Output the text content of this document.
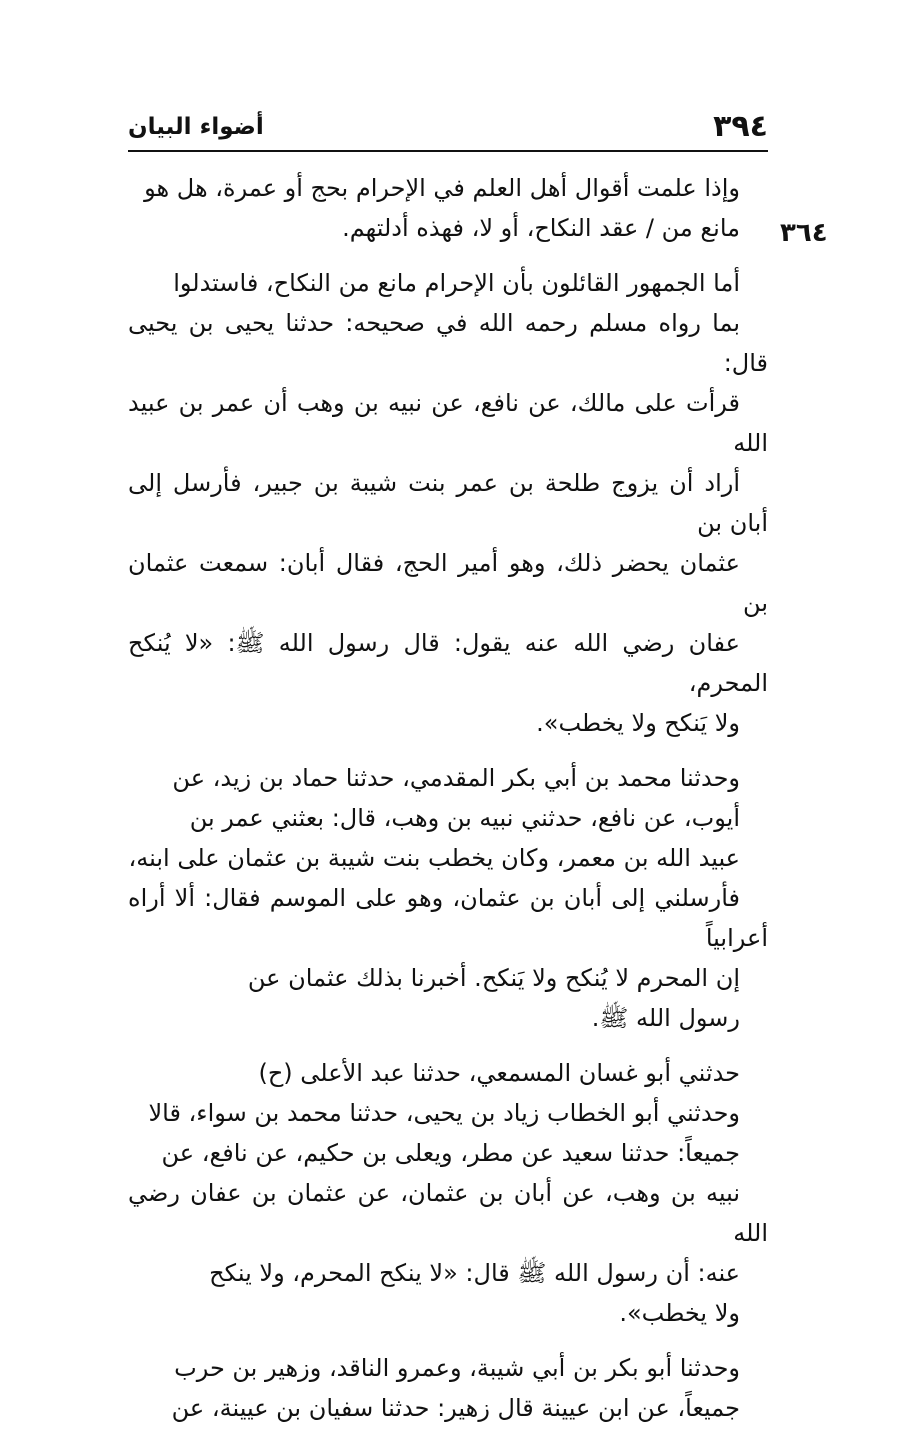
٣٩٤
أضواء البيان
٣٦٤

وإذا علمت أقوال أهل العلم في الإحرام بحج أو عمرة، هل هو
مانع من / عقد النكاح، أو لا، فهذه أدلتهم.

أما الجمهور القائلون بأن الإحرام مانع من النكاح، فاستدلوا
بما رواه مسلم رحمه الله في صحيحه: حدثنا يحيى بن يحيى قال:
قرأت على مالك، عن نافع، عن نبيه بن وهب أن عمر بن عبيد الله
أراد أن يزوج طلحة بن عمر بنت شيبة بن جبير، فأرسل إلى أبان بن
عثمان يحضر ذلك، وهو أمير الحج، فقال أبان: سمعت عثمان بن
عفان رضي الله عنه يقول: قال رسول الله ﷺ: «لا يُنكح المحرم،
ولا يَنكح ولا يخطب».

وحدثنا محمد بن أبي بكر المقدمي، حدثنا حماد بن زيد، عن
أيوب، عن نافع، حدثني نبيه بن وهب، قال: بعثني عمر بن
عبيد الله بن معمر، وكان يخطب بنت شيبة بن عثمان على ابنه،
فأرسلني إلى أبان بن عثمان، وهو على الموسم فقال: ألا أراه أعرابياً
إن المحرم لا يُنكح ولا يَنكح. أخبرنا بذلك عثمان عن
رسول الله ﷺ.

حدثني أبو غسان المسمعي، حدثنا عبد الأعلى (ح)
وحدثني أبو الخطاب زياد بن يحيى، حدثنا محمد بن سواء، قالا
جميعاً: حدثنا سعيد عن مطر، ويعلى بن حكيم، عن نافع، عن
نبيه بن وهب، عن أبان بن عثمان، عن عثمان بن عفان رضي الله
عنه: أن رسول الله ﷺ قال: «لا ينكح المحرم، ولا ينكح
ولا يخطب».

وحدثنا أبو بكر بن أبي شيبة، وعمرو الناقد، وزهير بن حرب
جميعاً، عن ابن عيينة قال زهير: حدثنا سفيان بن عيينة، عن
